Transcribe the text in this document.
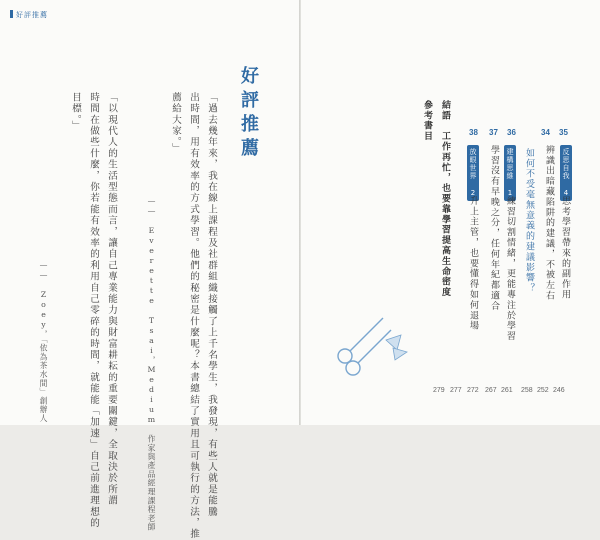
好評推薦
「過去幾年來，我在線上課程及社群組織接觸了上千名學生，我發現，有些人就是能騰
出時間，用有效率的方式學習。他們的秘密是什麼呢？本書總結了實用且可執行的方法，推
薦給大家。」
—— Everette Tsai，Medium 作家與產品經理課程老師
「以現代人的生活型態而言，讓自己專業能力與財富耕耘的重要關鍵，全取決於所謂
時間在做些什麼，你若能有效率的利用自己零碎的時間，就能能「加速」自己前進理想的
目標。」
—— Zoey，「依為茶水間」創辦人
好評推薦	35
34
反思自我 4
思考學習帶來的副作用
辨識出暗藏陷阱的建議，不被左右
如何不受毫無意義的建議影響？
36
37
建構思維 1
練習切割情緒，更能專注於學習
學習沒有早晚之分，任何年紀都適合
38
放眼世界 2
升上主管，也要懂得如何退場
結語　工作再忙，也要靠學習提高生命密度
參考書目
246
252
258
261
267
272
277
279
